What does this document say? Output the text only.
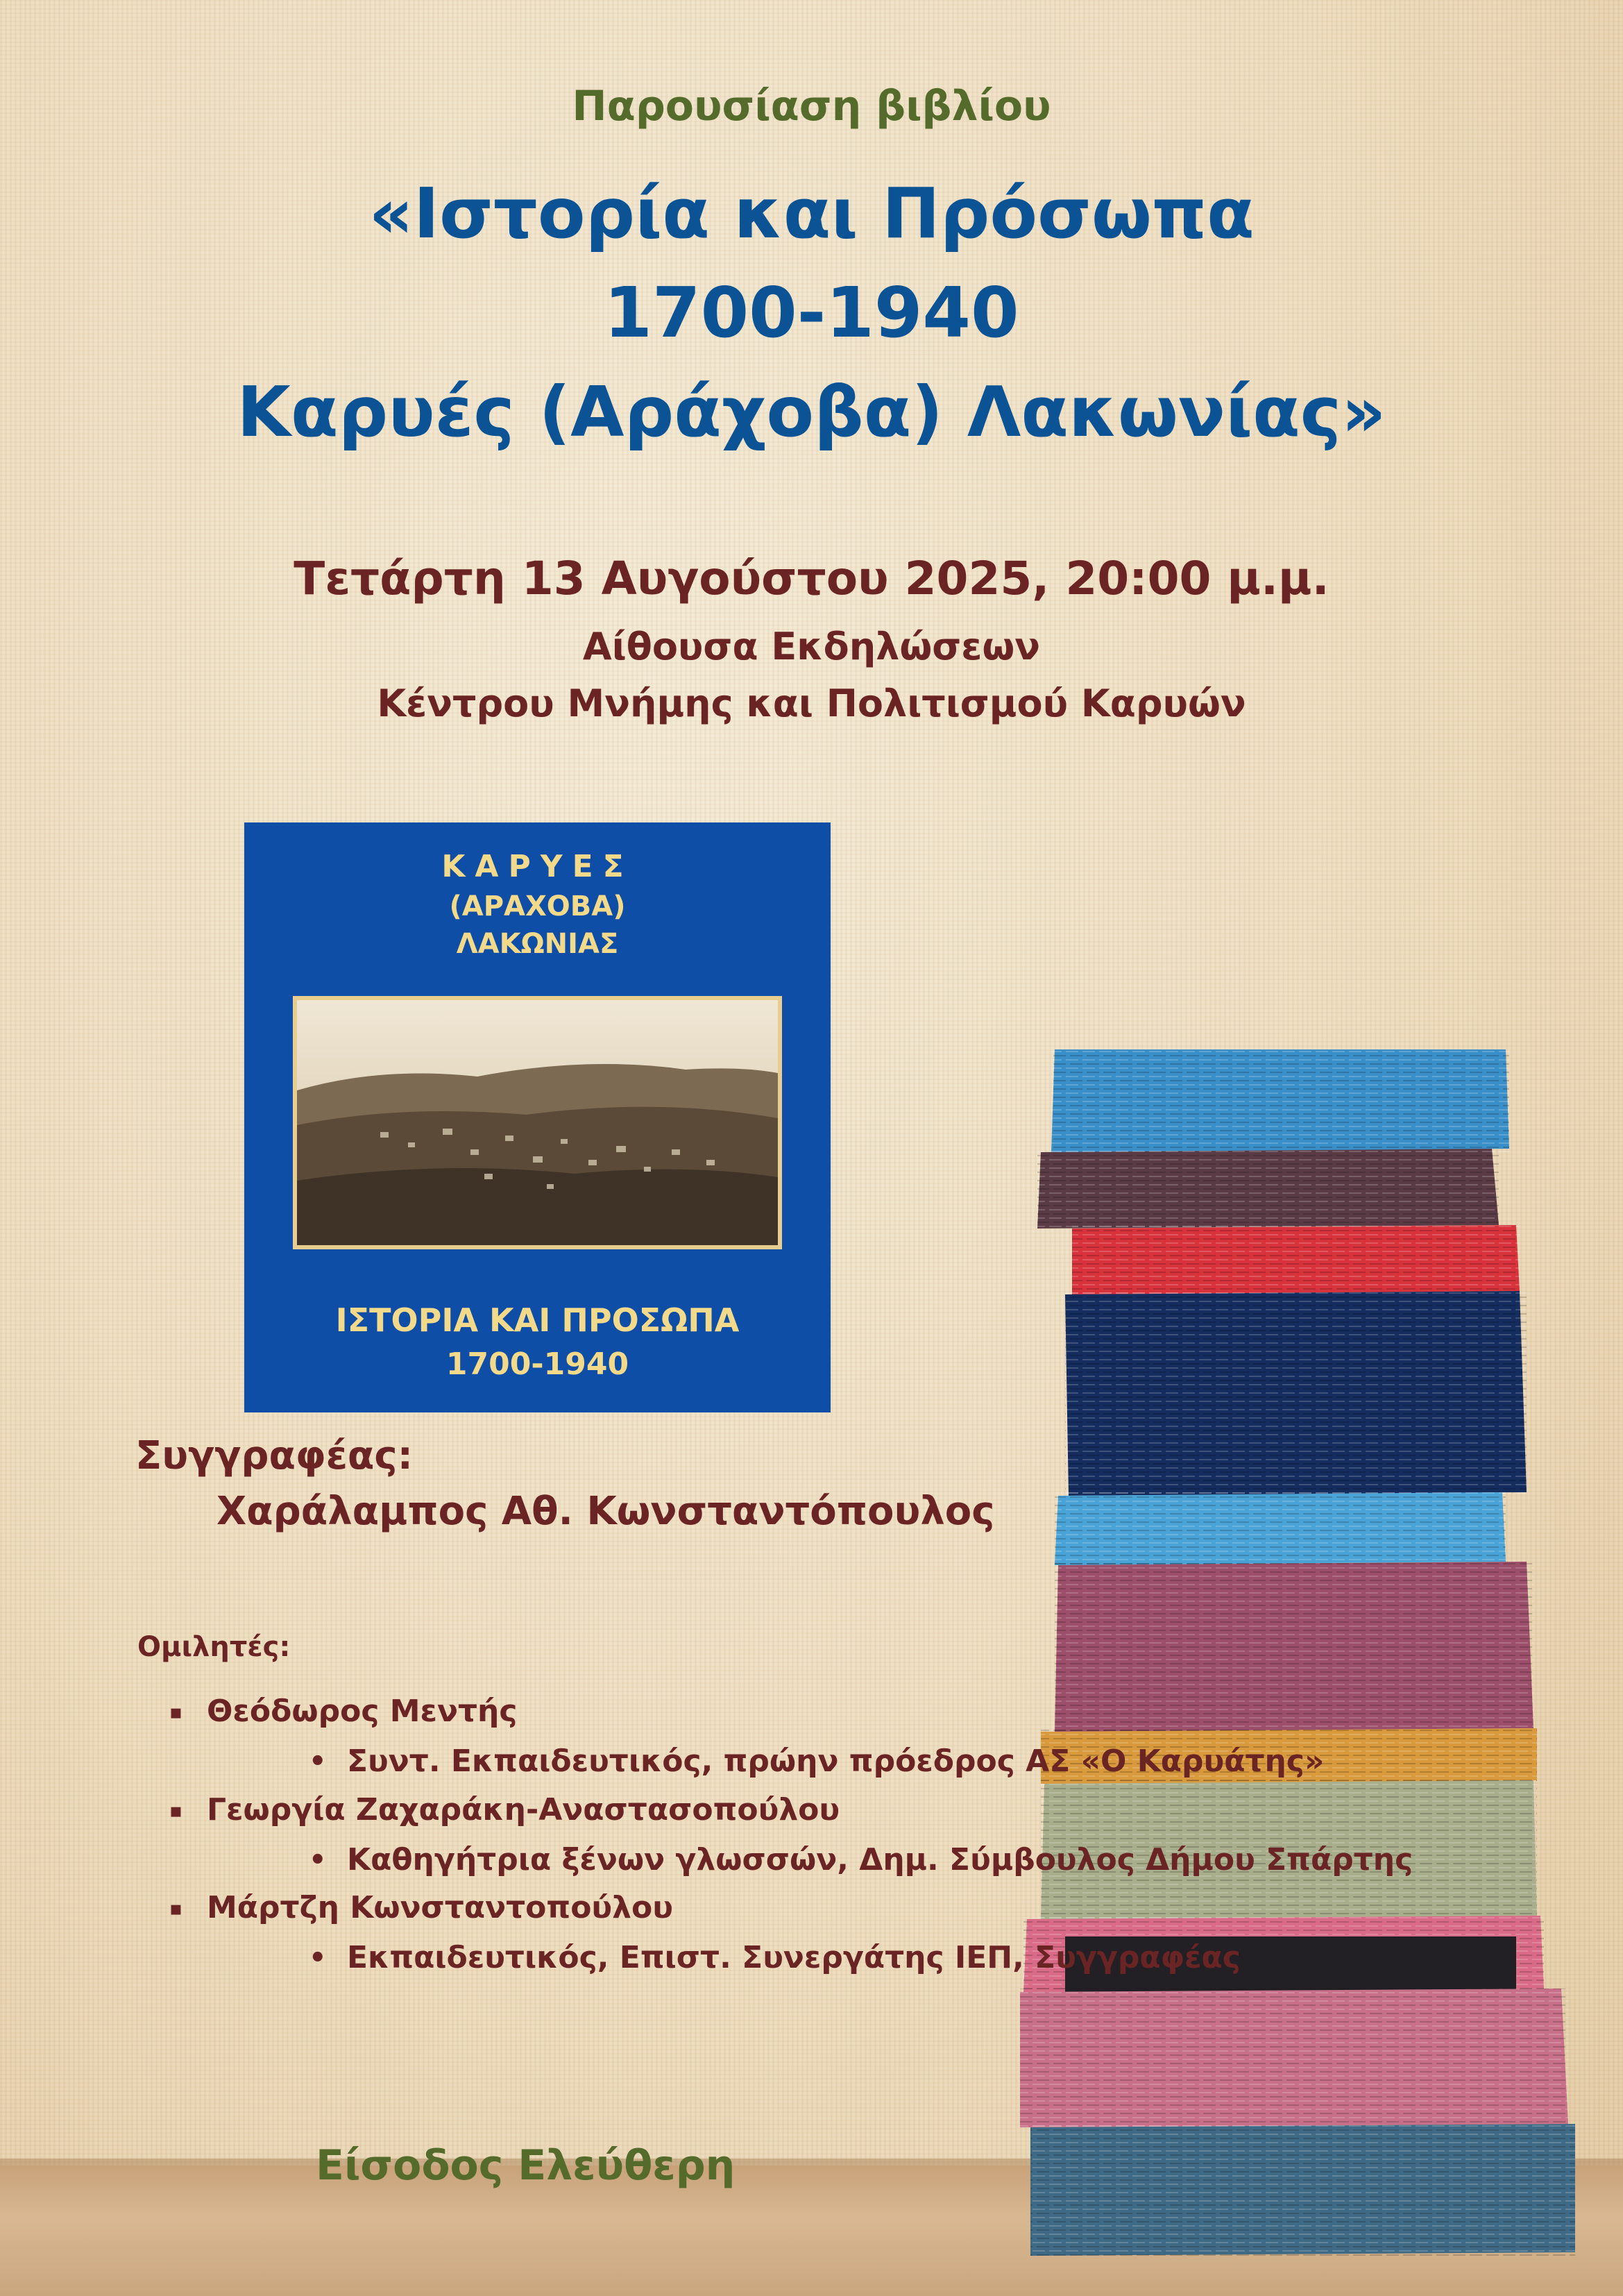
Παρουσίαση βιβλίου
«Ιστορία και Πρόσωπα
1700-1940
Καρυές (Αράχοβα) Λακωνίας»
Τετάρτη 13 Αυγούστου 2025, 20:00 μ.μ.
Αίθουσα Εκδηλώσεων
Κέντρου Μνήμης και Πολιτισμού Καρυών
ΚΑΡΥΕΣ
(ΑΡΑΧΟΒΑ)
ΛΑΚΩΝΙΑΣ
ΙΣΤΟΡΙΑ ΚΑΙ ΠΡΟΣΩΠΑ
1700-1940
Συγγραφέας:
Χαράλαμπος Αθ. Κωνσταντόπουλος
Ομιλητές:
▪ Θεόδωρος Μεντής
• Συντ. Εκπαιδευτικός, πρώην πρόεδρος ΑΣ «Ο Καρυάτης»
▪ Γεωργία Ζαχαράκη-Αναστασοπούλου
• Καθηγήτρια ξένων γλωσσών, Δημ. Σύμβουλος Δήμου Σπάρτης
▪ Μάρτζη Κωνσταντοπούλου
• Εκπαιδευτικός, Επιστ. Συνεργάτης ΙΕΠ, Συγγραφέας
Είσοδος Ελεύθερη
